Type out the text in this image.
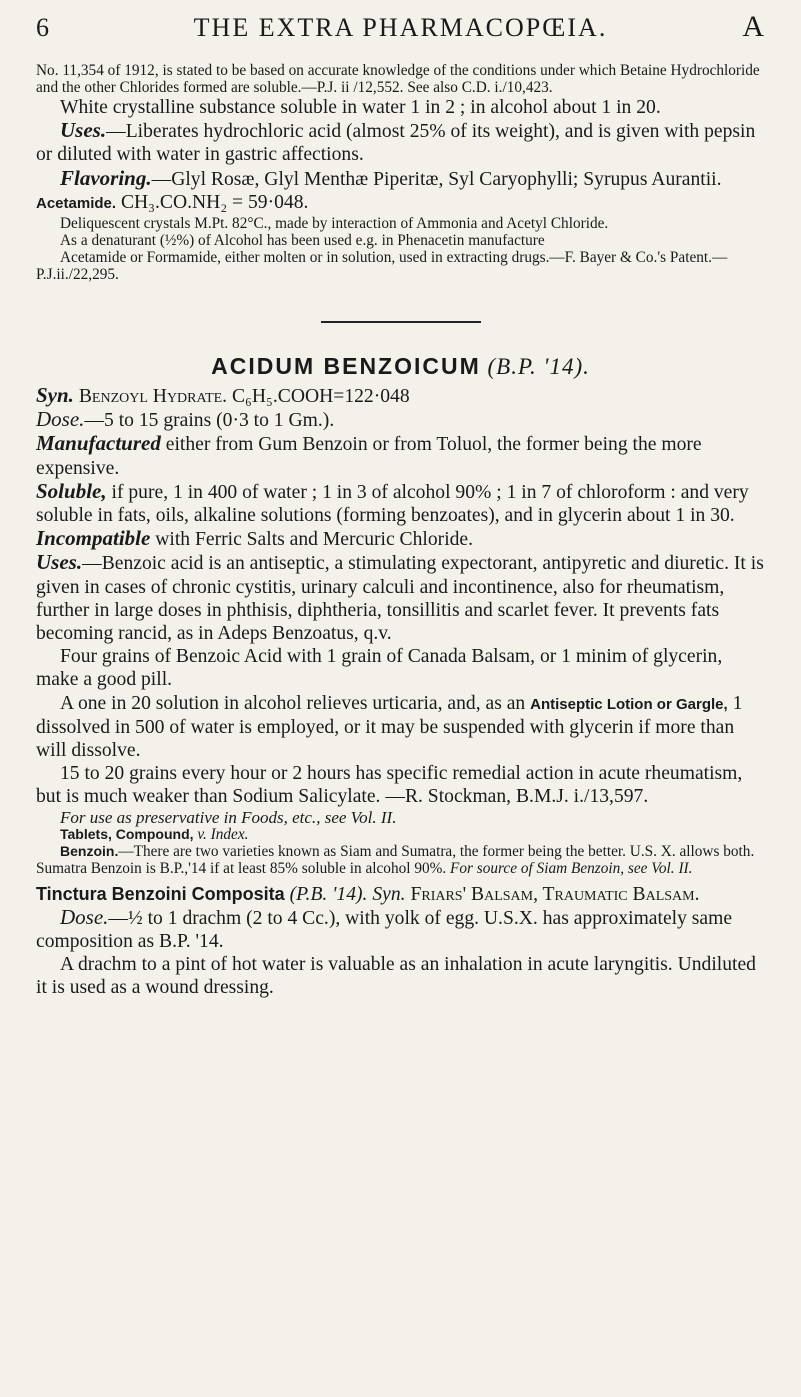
6	THE EXTRA PHARMACOPŒIA.	A

No. 11,354 of 1912, is stated to be based on accurate knowledge of the conditions under which Betaine Hydrochloride and the other Chlorides formed are soluble.—P.J. ii /12,552. See also C.D. i./10,423.

White crystalline substance soluble in water 1 in 2 ; in alcohol about 1 in 20.

Uses.—Liberates hydrochloric acid (almost 25% of its weight), and is given with pepsin or diluted with water in gastric affections.

Flavoring.—Glyl Rosæ, Glyl Menthæ Piperitæ, Syl Caryophylli; Syrupus Aurantii.

Acetamide. CH₃.CO.NH₂ = 59·048.

Deliquescent crystals M.Pt. 82°C., made by interaction of Ammonia and Acetyl Chloride.

As a denaturant (½%) of Alcohol has been used e.g. in Phenacetin manufacture

Acetamide or Formamide, either molten or in solution, used in extracting drugs.—F. Bayer & Co.'s Patent.—P.J.ii./22,295.

ACIDUM BENZOICUM (B.P. '14).

Syn. Benzoyl Hydrate. C₆H₅.COOH=122·048

Dose.—5 to 15 grains (0·3 to 1 Gm.).

Manufactured either from Gum Benzoin or from Toluol, the former being the more expensive.

Soluble, if pure, 1 in 400 of water ; 1 in 3 of alcohol 90% ; 1 in 7 of chloroform : and very soluble in fats, oils, alkaline solutions (forming benzoates), and in glycerin about 1 in 30.

Incompatible with Ferric Salts and Mercuric Chloride.

Uses.—Benzoic acid is an antiseptic, a stimulating expectorant, antipyretic and diuretic. It is given in cases of chronic cystitis, urinary calculi and incontinence, also for rheumatism, further in large doses in phthisis, diphtheria, tonsillitis and scarlet fever. It prevents fats becoming rancid, as in Adeps Benzoatus, q.v.

Four grains of Benzoic Acid with 1 grain of Canada Balsam, or 1 minim of glycerin, make a good pill.

A one in 20 solution in alcohol relieves urticaria, and, as an Antiseptic Lotion or Gargle, 1 dissolved in 500 of water is employed, or it may be suspended with glycerin if more than will dissolve.

15 to 20 grains every hour or 2 hours has specific remedial action in acute rheumatism, but is much weaker than Sodium Salicylate. —R. Stockman, B.M.J. i./13,597.

For use as preservative in Foods, etc., see Vol. II.

Tablets, Compound, v. Index.

Benzoin.—There are two varieties known as Siam and Sumatra, the former being the better. U.S. X. allows both. Sumatra Benzoin is B.P.,'14 if at least 85% soluble in alcohol 90%. For source of Siam Benzoin, see Vol. II.

Tinctura Benzoini Composita (P.B. '14). Syn. Friars' Balsam, Traumatic Balsam.

Dose.—½ to 1 drachm (2 to 4 Cc.), with yolk of egg. U.S.X. has approximately same composition as B.P. '14.

A drachm to a pint of hot water is valuable as an inhalation in acute laryngitis. Undiluted it is used as a wound dressing.
